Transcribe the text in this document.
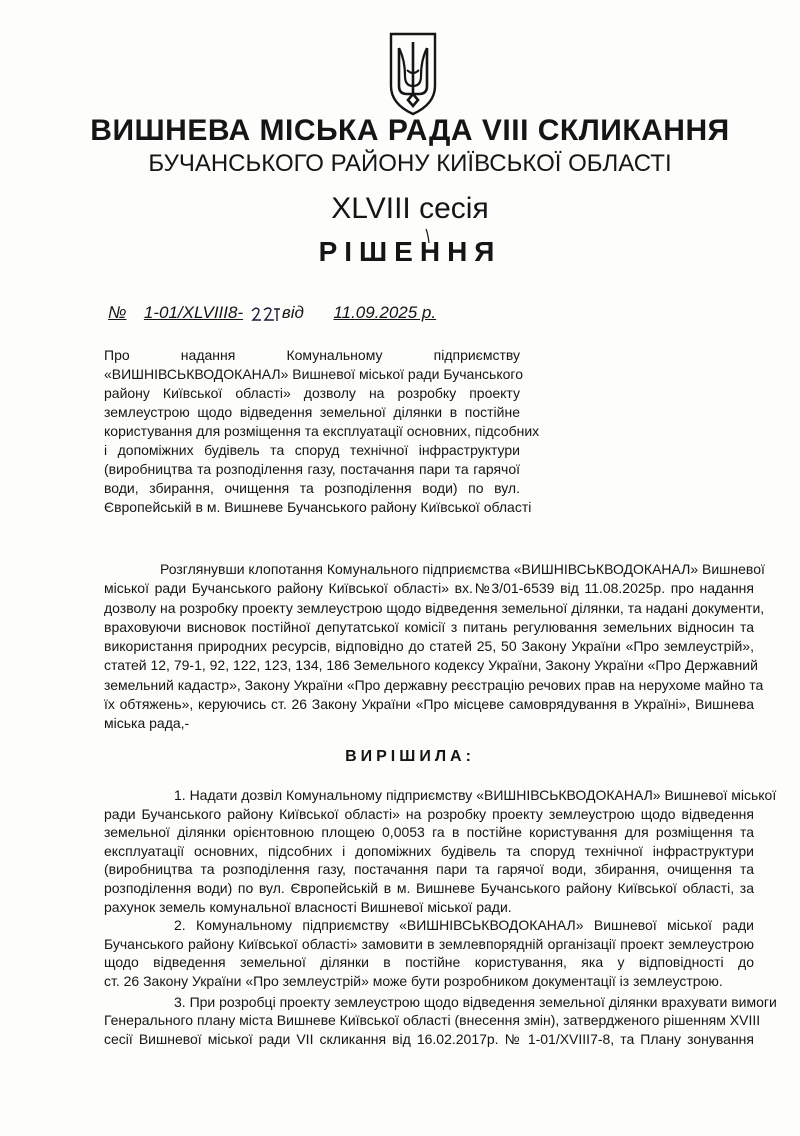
ВИШНЕВА МІСЬКА РАДА VIII СКЛИКАННЯ
БУЧАНСЬКОГО РАЙОНУ КИЇВСЬКОЇ ОБЛАСТІ
XLVIII сесія
РІШЕННЯ
№ 1-01/XLVIII8- від 11.09.2025 р.
Про надання Комунальному підприємству
«ВИШНІВСЬКВОДОКАНАЛ» Вишневої міської ради Бучанського
району Київської області» дозволу на розробку проекту
землеустрою щодо відведення земельної ділянки в постійне
користування для розміщення та експлуатації основних, підсобних
і допоміжних будівель та споруд технічної інфраструктури
(виробництва та розподілення газу, постачання пари та гарячої
води, збирання, очищення та розподілення води) по вул.
Європейській в м. Вишневе Бучанського району Київської області
Розглянувши клопотання Комунального підприємства «ВИШНІВСЬКВОДОКАНАЛ» Вишневої
міської ради Бучанського району Київської області» вх.№3/01-6539 від 11.08.2025р. про надання
дозволу на розробку проекту землеустрою щодо відведення земельної ділянки, та надані документи,
враховуючи висновок постійної депутатської комісії з питань регулювання земельних відносин та
використання природних ресурсів, відповідно до статей 25, 50 Закону України «Про землеустрій»,
статей 12, 79-1, 92, 122, 123, 134, 186 Земельного кодексу України, Закону України «Про Державний
земельний кадастр», Закону України «Про державну реєстрацію речових прав на нерухоме майно та
їх обтяжень», керуючись ст. 26 Закону України «Про місцеве самоврядування в Україні», Вишнева
міська рада,-
ВИРІШИЛА:
1. Надати дозвіл Комунальному підприємству «ВИШНІВСЬКВОДОКАНАЛ» Вишневої міської
ради Бучанського району Київської області» на розробку проекту землеустрою щодо відведення
земельної ділянки орієнтовною площею 0,0053 га в постійне користування для розміщення та
експлуатації основних, підсобних і допоміжних будівель та споруд технічної інфраструктури
(виробництва та розподілення газу, постачання пари та гарячої води, збирання, очищення та
розподілення води) по вул. Європейській в м. Вишневе Бучанського району Київської області, за
рахунок земель комунальної власності Вишневої міської ради.
2. Комунальному підприємству «ВИШНІВСЬКВОДОКАНАЛ» Вишневої міської ради
Бучанського району Київської області» замовити в землевпорядній організації проект землеустрою
щодо відведення земельної ділянки в постійне користування, яка у відповідності до
ст. 26 Закону України «Про землеустрій» може бути розробником документації із землеустрою.
3. При розробці проекту землеустрою щодо відведення земельної ділянки врахувати вимоги
Генерального плану міста Вишневе Київської області (внесення змін), затвердженого рішенням XVIII
сесії Вишневої міської ради VII скликання від 16.02.2017р. № 1-01/XVIII7-8, та Плану зонування
